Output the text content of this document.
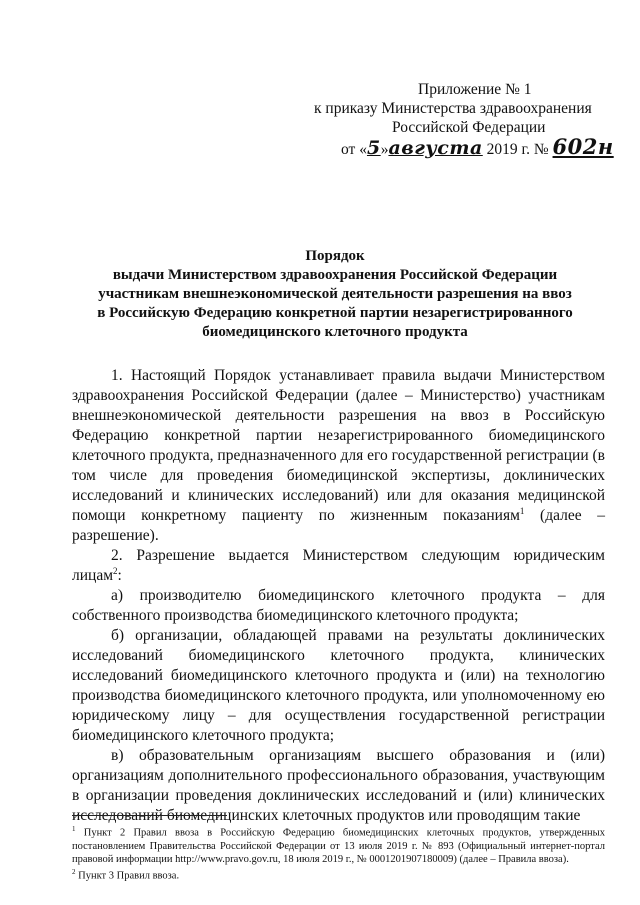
Приложение № 1
к приказу Министерства здравоохранения
Российской Федерации
от «5»августа 2019 г. № 602н
Порядок
выдачи Министерством здравоохранения Российской Федерации
участникам внешнеэкономической деятельности разрешения на ввоз
в Российскую Федерацию конкретной партии незарегистрированного
биомедицинского клеточного продукта

1. Настоящий Порядок устанавливает правила выдачи Министерством здравоохранения Российской Федерации (далее – Министерство) участникам внешнеэкономической деятельности разрешения на ввоз в Российскую Федерацию конкретной партии незарегистрированного биомедицинского клеточного продукта, предназначенного для его государственной регистрации (в том числе для проведения биомедицинской экспертизы, доклинических исследований и клинических исследований) или для оказания медицинской помощи конкретному пациенту по жизненным показаниям$^1$ (далее – разрешение).

2. Разрешение выдается Министерством следующим юридическим лицам$^2$:

а) производителю биомедицинского клеточного продукта – для собственного производства биомедицинского клеточного продукта;

б) организации, обладающей правами на результаты доклинических исследований биомедицинского клеточного продукта, клинических исследований биомедицинского клеточного продукта и (или) на технологию производства биомедицинского клеточного продукта, или уполномоченному ею юридическому лицу – для осуществления государственной регистрации биомедицинского клеточного продукта;

в) образовательным организациям высшего образования и (или) организациям дополнительного профессионального образования, участвующим в организации проведения доклинических исследований и (или) клинических исследований биомедицинских клеточных продуктов или проводящим такие

$^1$ Пункт 2 Правил ввоза в Российскую Федерацию биомедицинских клеточных продуктов, утвержденных постановлением Правительства Российской Федерации от 13 июля 2019 г. № 893 (Официальный интернет-портал правовой информации http://www.pravo.gov.ru, 18 июля 2019 г., № 0001201907180009) (далее – Правила ввоза).

$^2$ Пункт 3 Правил ввоза.
